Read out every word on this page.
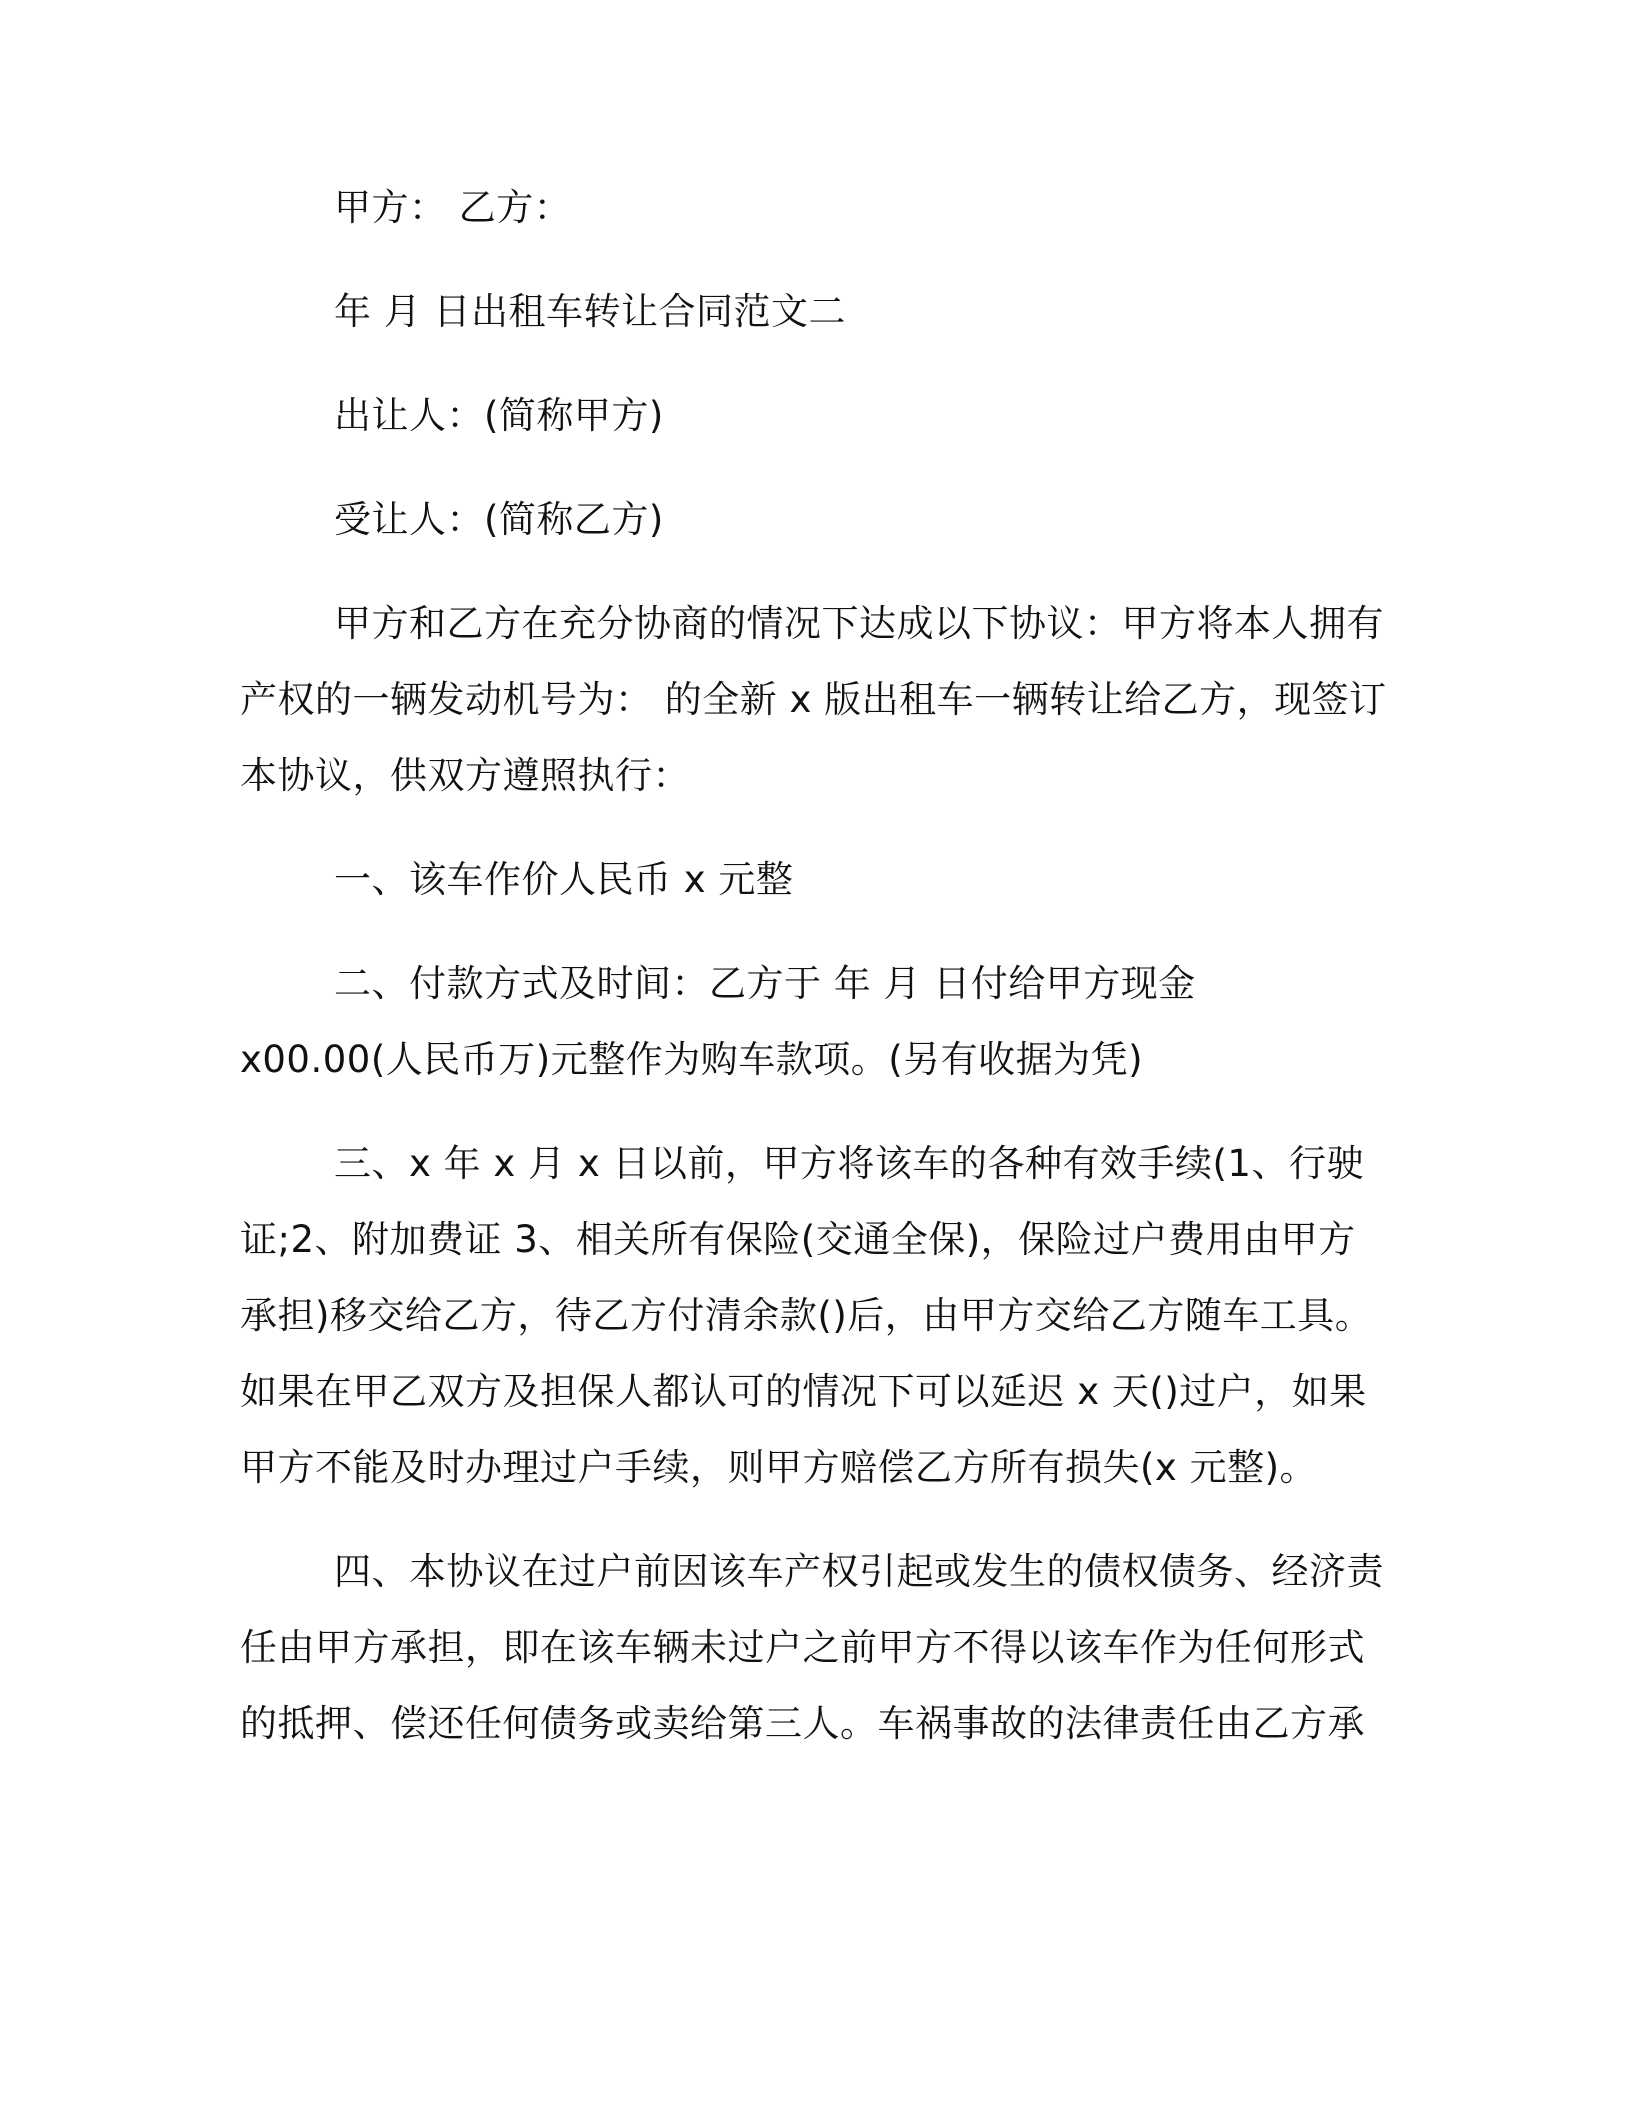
甲方： 乙方：

年 月 日出租车转让合同范文二

出让人：(简称甲方)

受让人：(简称乙方)

甲方和乙方在充分协商的情况下达成以下协议：甲方将本人拥有产权的一辆发动机号为： 的全新 x 版出租车一辆转让给乙方，现签订本协议，供双方遵照执行：

一、该车作价人民币 x 元整

二、付款方式及时间：乙方于 年 月 日付给甲方现金 x00.00(人民币万)元整作为购车款项。(另有收据为凭)

三、x 年 x 月 x 日以前，甲方将该车的各种有效手续(1、行驶证;2、附加费证 3、相关所有保险(交通全保)，保险过户费用由甲方承担)移交给乙方，待乙方付清余款()后，由甲方交给乙方随车工具。如果在甲乙双方及担保人都认可的情况下可以延迟 x 天()过户，如果甲方不能及时办理过户手续，则甲方赔偿乙方所有损失(x 元整)。

四、本协议在过户前因该车产权引起或发生的债权债务、经济责任由甲方承担，即在该车辆未过户之前甲方不得以该车作为任何形式的抵押、偿还任何债务或卖给第三人。车祸事故的法律责任由乙方承
